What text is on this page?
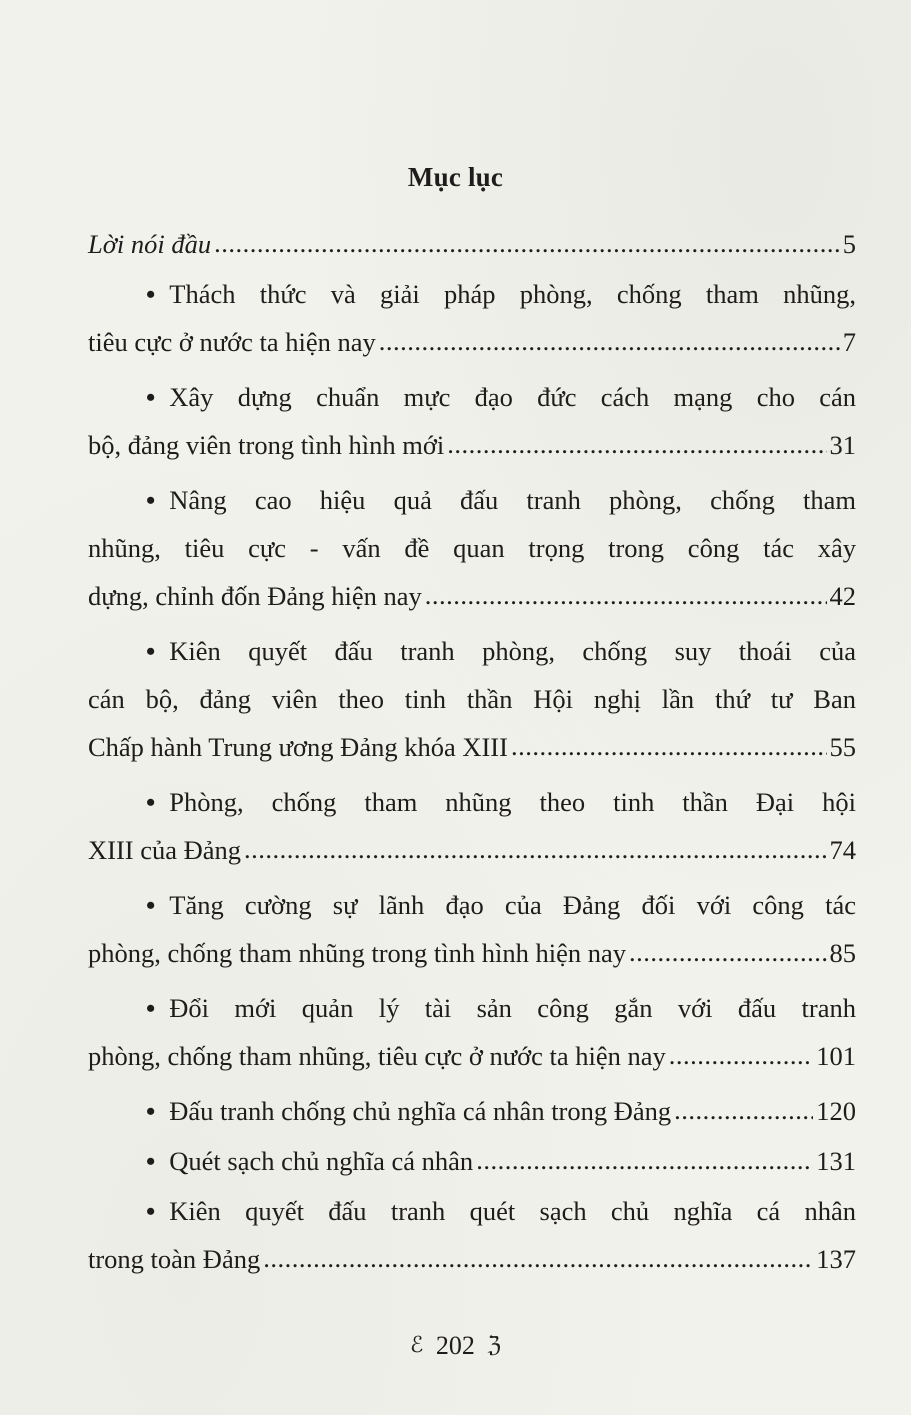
Mục lục
Lời nói đầu .....	5
• Thách thức và giải pháp phòng, chống tham nhũng,
tiêu cực ở nước ta hiện nay .....	7
• Xây dựng chuẩn mực đạo đức cách mạng cho cán
bộ, đảng viên trong tình hình mới .....	31
• Nâng cao hiệu quả đấu tranh phòng, chống tham
nhũng, tiêu cực - vấn đề quan trọng trong công tác xây
dựng, chỉnh đốn Đảng hiện nay .....	42
• Kiên quyết đấu tranh phòng, chống suy thoái của
cán bộ, đảng viên theo tinh thần Hội nghị lần thứ tư Ban
Chấp hành Trung ương Đảng khóa XIII .....	55
• Phòng, chống tham nhũng theo tinh thần Đại hội
XIII của Đảng .....	74
• Tăng cường sự lãnh đạo của Đảng đối với công tác
phòng, chống tham nhũng trong tình hình hiện nay .....	85
• Đổi mới quản lý tài sản công gắn với đấu tranh
phòng, chống tham nhũng, tiêu cực ở nước ta hiện nay .....	101
• Đấu tranh chống chủ nghĩa cá nhân trong Đảng .....	120
• Quét sạch chủ nghĩa cá nhân .....	131
• Kiên quyết đấu tranh quét sạch chủ nghĩa cá nhân
trong toàn Đảng .....	137
ℰ 202 ℨ
